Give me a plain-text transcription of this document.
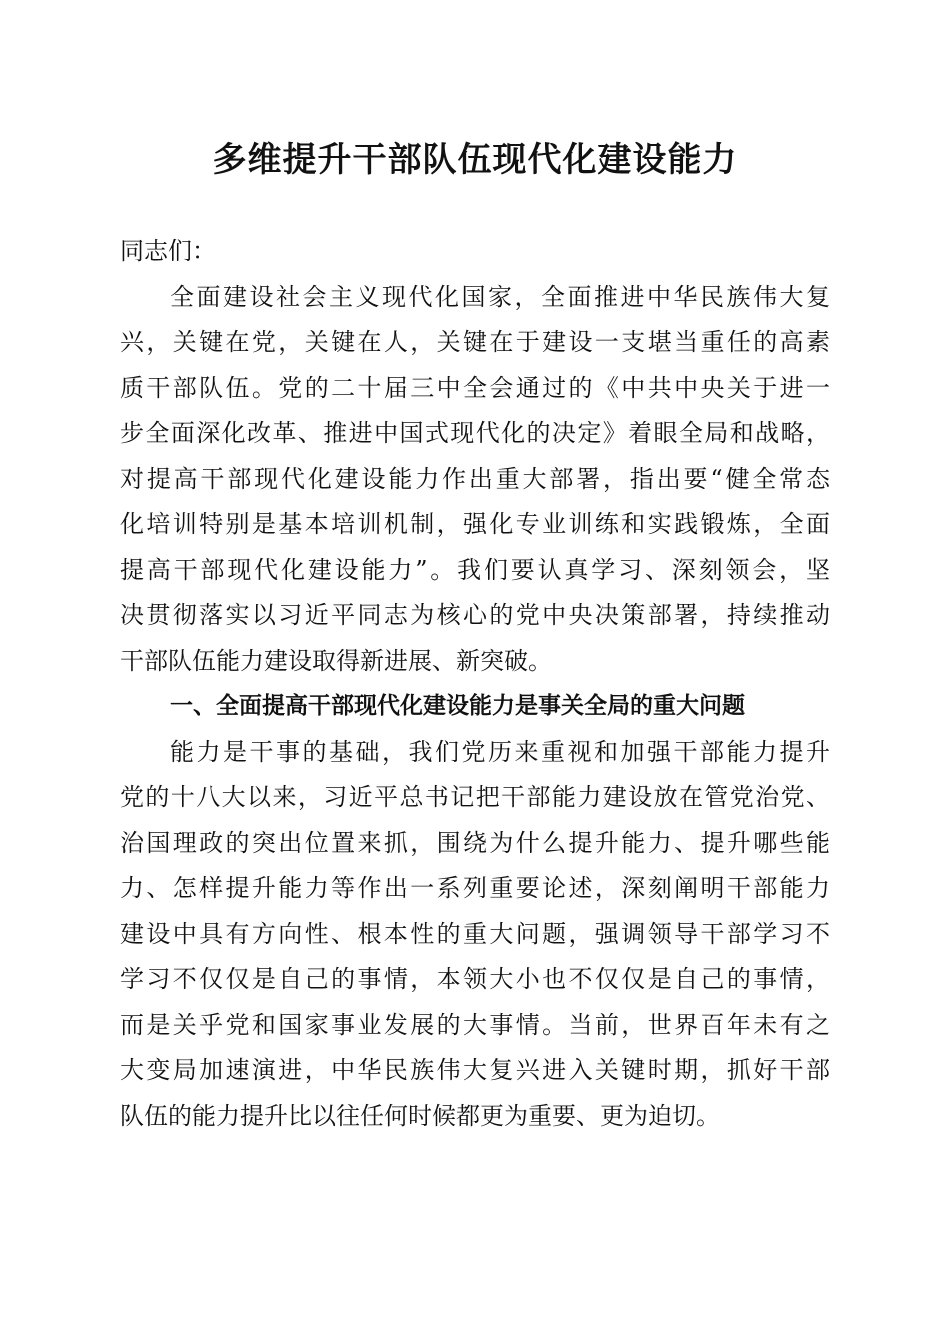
多维提升干部队伍现代化建设能力
同志们：
全面建设社会主义现代化国家，全面推进中华民族伟大复
兴，关键在党，关键在人，关键在于建设一支堪当重任的高素
质干部队伍。党的二十届三中全会通过的《中共中央关于进一
步全面深化改革、推进中国式现代化的决定》着眼全局和战略，
对提高干部现代化建设能力作出重大部署，指出要“健全常态
化培训特别是基本培训机制，强化专业训练和实践锻炼，全面
提高干部现代化建设能力”。我们要认真学习、深刻领会，坚
决贯彻落实以习近平同志为核心的党中央决策部署，持续推动
干部队伍能力建设取得新进展、新突破。
一、全面提高干部现代化建设能力是事关全局的重大问题
能力是干事的基础，我们党历来重视和加强干部能力提升
党的十八大以来，习近平总书记把干部能力建设放在管党治党、
治国理政的突出位置来抓，围绕为什么提升能力、提升哪些能
力、怎样提升能力等作出一系列重要论述，深刻阐明干部能力
建设中具有方向性、根本性的重大问题，强调领导干部学习不
学习不仅仅是自己的事情，本领大小也不仅仅是自己的事情，
而是关乎党和国家事业发展的大事情。当前，世界百年未有之
大变局加速演进，中华民族伟大复兴进入关键时期，抓好干部
队伍的能力提升比以往任何时候都更为重要、更为迫切。
